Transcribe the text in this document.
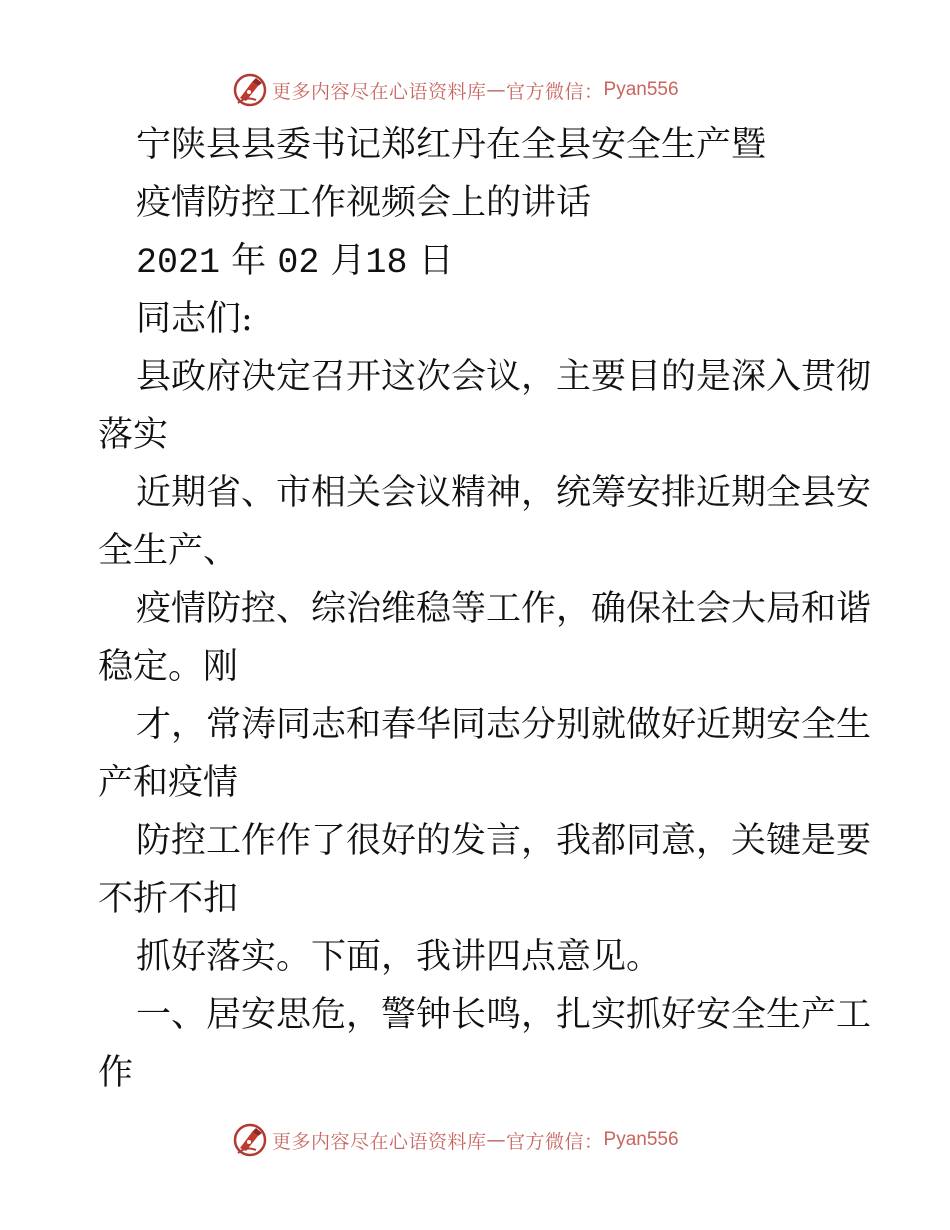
更多内容尽在心语资料库 — 官方微信： Pyan556
宁陕县县委书记郑红丹在全县安全生产暨
疫情防控工作视频会上的讲话
2021 年 02 月18 日
同志们:
县政府决定召开这次会议，主要目的是深入贯彻
落实
近期省、市相关会议精神，统筹安排近期全县安
全生产、
疫情防控、综治维稳等工作，确保社会大局和谐
稳定。刚
才，常涛同志和春华同志分别就做好近期安全生
产和疫情
防控工作作了很好的发言，我都同意，关键是要
不折不扣
抓好落实。下面，我讲四点意见。
一、居安思危，警钟长鸣，扎实抓好安全生产工
作
更多内容尽在心语资料库 — 官方微信： Pyan556
